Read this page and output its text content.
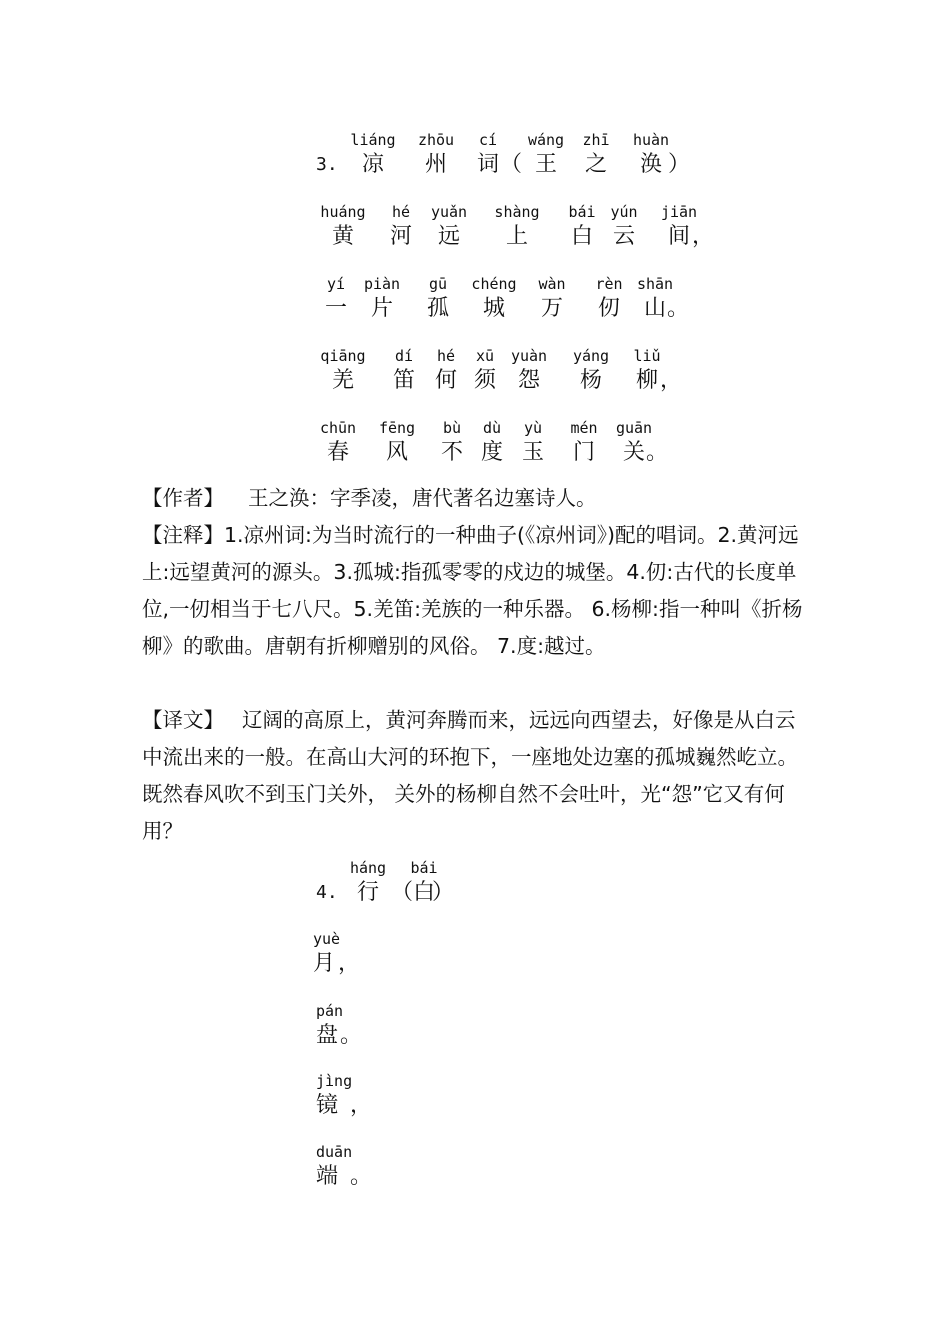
3.
liáng
凉
zhōu
州
cí
词 （
wáng
王
zhī
之
huàn
涣 ）
huáng
黄
hé
河
yuǎn
远
shàng
上
bái
白
yún
云
jiān
间 ，
yí
一
piàn
片
gū
孤
chéng
城
wàn
万
rèn
仞
shān
山 。
qiāng
羌
dí
笛
hé
何
xū
须
yuàn
怨
yáng
杨
liǔ
柳 ，
chūn
春
fēng
风
bù
不
dù
度
yù
玉
mén
门
guān
关 。

【作者】 王之涣：字季凌，唐代著名边塞诗人。

【注释】1.凉州词:为当时流行的一种曲子(《凉州词》)配的唱词。2.黄河远上:远望黄河的源头。3.孤城:指孤零零的戍边的城堡。4.仞:古代的长度单位,一仞相当于七八尺。5.羌笛:羌族的一种乐器。 6.杨柳:指一种叫《折杨柳》的歌曲。唐朝有折柳赠别的风俗。 7.度:越过。

【译文】 辽阔的高原上，黄河奔腾而来，远远向西望去，好像是从白云中流出来的一般。在高山大河的环抱下，一座地处边塞的孤城巍然屹立。既然春风吹不到玉门关外， 关外的杨柳自然不会吐叶，光“怨”它又有何用？

4.
háng
行 （
bái
白
）
yuè
月 ，
pán
盘 。
jìng
镜 ，
duān
端 。
